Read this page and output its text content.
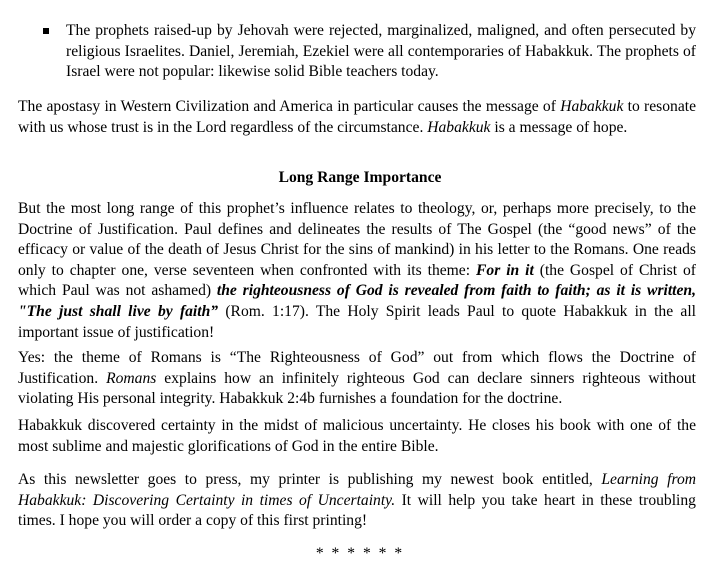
The prophets raised-up by Jehovah were rejected, marginalized, maligned, and often persecuted by religious Israelites. Daniel, Jeremiah, Ezekiel were all contemporaries of Habakkuk. The prophets of Israel were not popular: likewise solid Bible teachers today.

The apostasy in Western Civilization and America in particular causes the message of Habakkuk to resonate with us whose trust is in the Lord regardless of the circumstance. Habakkuk is a message of hope.

Long Range Importance

But the most long range of this prophet’s influence relates to theology, or, perhaps more precisely, to the Doctrine of Justification. Paul defines and delineates the results of The Gospel (the “good news” of the efficacy or value of the death of Jesus Christ for the sins of mankind) in his letter to the Romans. One reads only to chapter one, verse seventeen when confronted with its theme: For in it (the Gospel of Christ of which Paul was not ashamed) the righteousness of God is revealed from faith to faith; as it is written, "The just shall live by faith” (Rom. 1:17). The Holy Spirit leads Paul to quote Habakkuk in the all important issue of justification!

Yes: the theme of Romans is “The Righteousness of God” out from which flows the Doctrine of Justification. Romans explains how an infinitely righteous God can declare sinners righteous without violating His personal integrity. Habakkuk 2:4b furnishes a foundation for the doctrine.

Habakkuk discovered certainty in the midst of malicious uncertainty. He closes his book with one of the most sublime and majestic glorifications of God in the entire Bible.

As this newsletter goes to press, my printer is publishing my newest book entitled, Learning from Habakkuk: Discovering Certainty in times of Uncertainty. It will help you take heart in these troubling times. I hope you will order a copy of this first printing!

* * * * * *
